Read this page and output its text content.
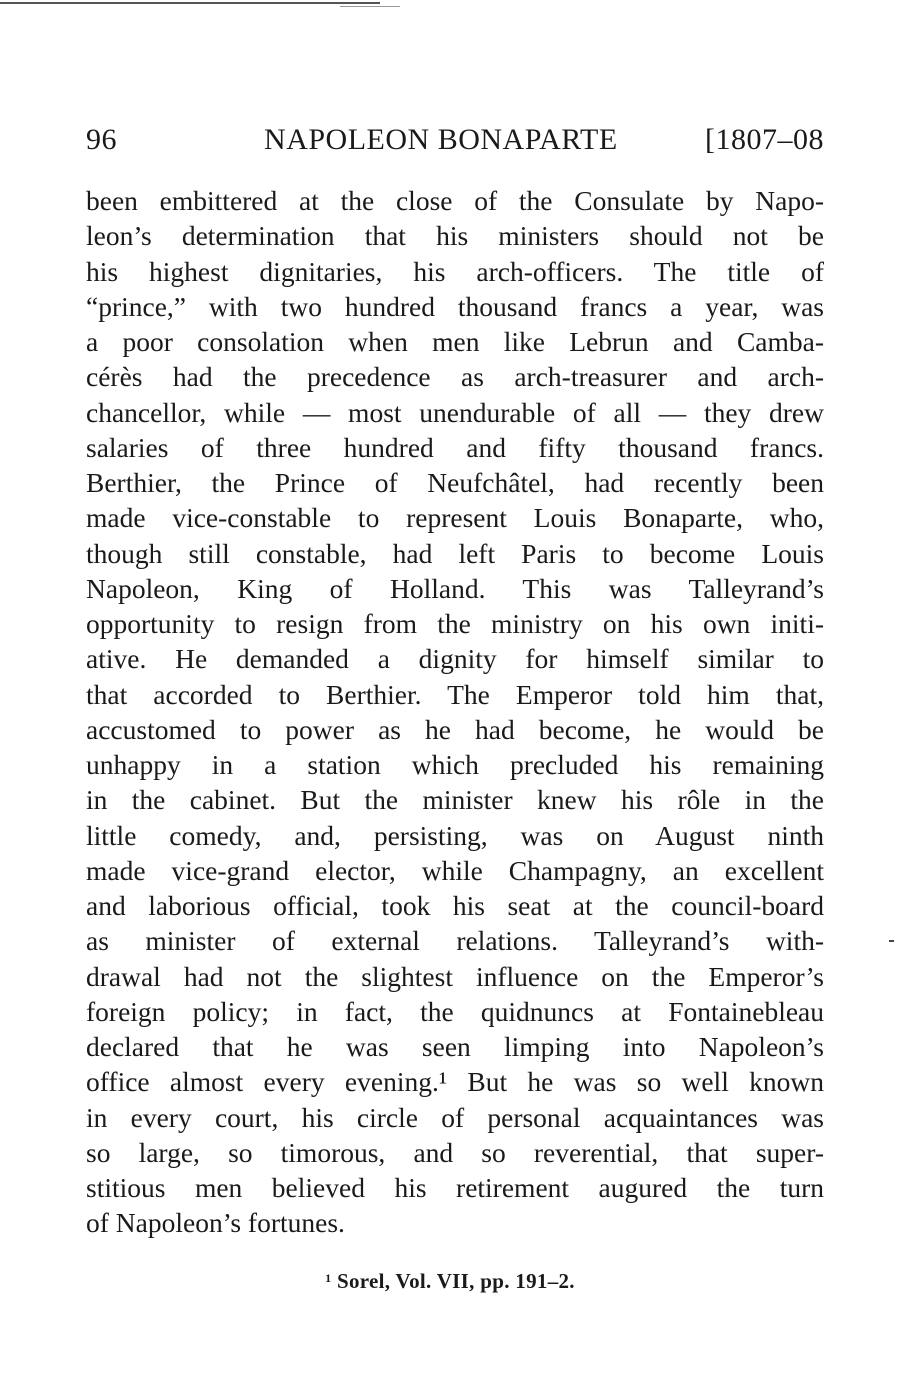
96	NAPOLEON BONAPARTE	[1807–08
been embittered at the close of the Consulate by Napo-
leon’s determination that his ministers should not be
his highest dignitaries, his arch-officers. The title of
“prince,” with two hundred thousand francs a year, was
a poor consolation when men like Lebrun and Camba-
cérès had the precedence as arch-treasurer and arch-
chancellor, while — most unendurable of all — they drew
salaries of three hundred and fifty thousand francs.
Berthier, the Prince of Neufchâtel, had recently been
made vice-constable to represent Louis Bonaparte, who,
though still constable, had left Paris to become Louis
Napoleon, King of Holland. This was Talleyrand’s
opportunity to resign from the ministry on his own initi-
ative. He demanded a dignity for himself similar to
that accorded to Berthier. The Emperor told him that,
accustomed to power as he had become, he would be
unhappy in a station which precluded his remaining
in the cabinet. But the minister knew his rôle in the
little comedy, and, persisting, was on August ninth
made vice-grand elector, while Champagny, an excellent
and laborious official, took his seat at the council-board
as minister of external relations. Talleyrand’s with-
drawal had not the slightest influence on the Emperor’s
foreign policy; in fact, the quidnuncs at Fontainebleau
declared that he was seen limping into Napoleon’s
office almost every evening.¹ But he was so well known
in every court, his circle of personal acquaintances was
so large, so timorous, and so reverential, that super-
stitious men believed his retirement augured the turn
of Napoleon’s fortunes.
$^1$ Sorel, Vol. VII, pp. 191–2.
